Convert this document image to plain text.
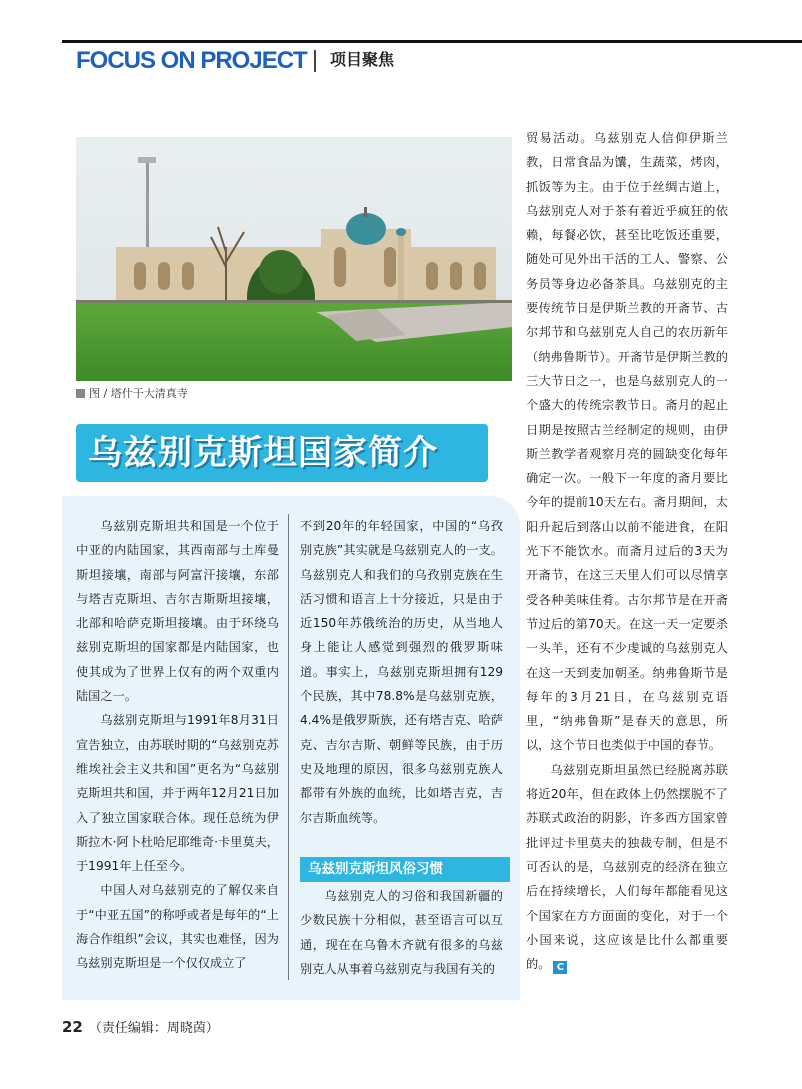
FOCUS ON PROJECT 项目聚焦
图 / 塔什干大清真寺
乌兹别克斯坦国家简介

乌兹别克斯坦共和国是一个位于中亚的内陆国家，其西南部与土库曼斯坦接壤，南部与阿富汗接壤，东部与塔吉克斯坦、吉尔吉斯斯坦接壤，北部和哈萨克斯坦接壤。由于环绕乌兹别克斯坦的国家都是内陆国家，也使其成为了世界上仅有的两个双重内陆国之一。

乌兹别克斯坦与1991年8月31日宣告独立，由苏联时期的“乌兹别克苏维埃社会主义共和国”更名为“乌兹别克斯坦共和国，并于两年12月21日加入了独立国家联合体。现任总统为伊斯拉木·阿卜杜哈尼耶维奇·卡里莫夫，于1991年上任至今。

中国人对乌兹别克的了解仅来自于“中亚五国”的称呼或者是每年的“上海合作组织”会议，其实也难怪，因为乌兹别克斯坦是一个仅仅成立了

不到20年的年轻国家，中国的“乌孜别克族”其实就是乌兹别克人的一支。乌兹别克人和我们的乌孜别克族在生活习惯和语言上十分接近，只是由于近150年苏俄统治的历史，从当地人身上能让人感觉到强烈的俄罗斯味道。事实上，乌兹别克斯坦拥有129个民族，其中78.8%是乌兹别克族，4.4%是俄罗斯族，还有塔吉克、哈萨克、吉尔吉斯、朝鲜等民族，由于历史及地理的原因，很多乌兹别克族人都带有外族的血统，比如塔吉克，吉尔吉斯血统等。

乌兹别克斯坦风俗习惯

乌兹别克人的习俗和我国新疆的少数民族十分相似，甚至语言可以互通，现在在乌鲁木齐就有很多的乌兹别克人从事着乌兹别克与我国有关的

贸易活动。乌兹别克人信仰伊斯兰教，日常食品为馕，生蔬菜，烤肉，抓饭等为主。由于位于丝绸古道上，乌兹别克人对于茶有着近乎疯狂的依赖，每餐必饮，甚至比吃饭还重要，随处可见外出干活的工人、警察、公务员等身边必备茶具。乌兹别克的主要传统节日是伊斯兰教的开斋节、古尔邦节和乌兹别克人自己的农历新年（纳弗鲁斯节）。开斋节是伊斯兰教的三大节日之一，也是乌兹别克人的一个盛大的传统宗教节日。斋月的起止日期是按照古兰经制定的规则，由伊斯兰教学者观察月亮的圆缺变化每年确定一次。一般下一年度的斋月要比今年的提前10天左右。斋月期间，太阳升起后到落山以前不能进食，在阳光下不能饮水。而斋月过后的3天为开斋节，在这三天里人们可以尽情享受各种美味佳肴。古尔邦节是在开斋节过后的第70天。在这一天一定要杀一头羊，还有不少虔诚的乌兹别克人在这一天到麦加朝圣。纳弗鲁斯节是每年的3月21日，在乌兹别克语里，“纳弗鲁斯”是春天的意思，所以，这个节日也类似于中国的春节。

乌兹别克斯坦虽然已经脱离苏联将近20年，但在政体上仍然摆脱不了苏联式政治的阴影，许多西方国家曾批评过卡里莫夫的独裁专制，但是不可否认的是，乌兹别克的经济在独立后在持续增长，人们每年都能看见这个国家在方方面面的变化，对于一个小国来说，这应该是比什么都重要的。 C

22 （责任编辑：周晓茵）
